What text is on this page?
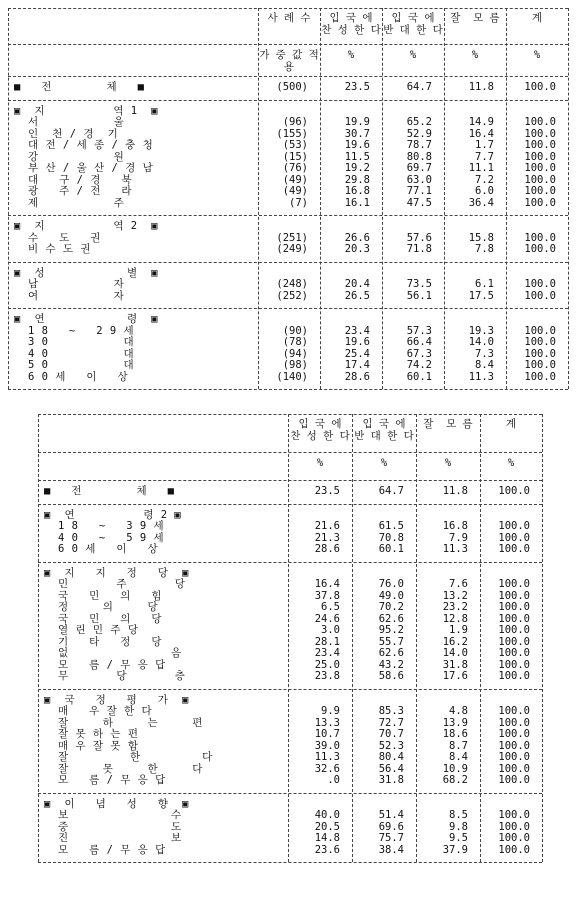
사 례 수	입 국 에
찬 성 한 다
입 국 에
반 대 한 다
잘  모 름	계
가 중 값 적
용
%	%	%	%
■   전        체   ■	(500)	23.5	64.7	11.8	100.0
▣  지          역 1  ▣
서           울	(96)	19.9	65.2	14.9	100.0
인  천 / 경  기	(155)	30.7	52.9	16.4	100.0
대 전 / 세 종 / 충 청	(53)	19.6	78.7	1.7	100.0
강           원	(15)	11.5	80.8	7.7	100.0
부 산 / 울 산 / 경 남	(76)	19.2	69.7	11.1	100.0
대   구 / 경   북	(49)	29.8	63.0	7.2	100.0
광   주 / 전   라	(49)	16.8	77.1	6.0	100.0
제           주	(7)	16.1	47.5	36.4	100.0
▣  지          역 2  ▣
수   도   권	(251)	26.6	57.6	15.8	100.0
비 수 도 권	(249)	20.3	71.8	7.8	100.0
▣  성            별  ▣
남           자	(248)	20.4	73.5	6.1	100.0
여           자	(252)	26.5	56.1	17.5	100.0
▣  연            령  ▣
1 8   ~   2 9 세	(90)	23.4	57.3	19.3	100.0
3 0           대	(78)	19.6	66.4	14.0	100.0
4 0           대	(94)	25.4	67.3	7.3	100.0
5 0           대	(98)	17.4	74.2	8.4	100.0
6 0 세   이   상	(140)	28.6	60.1	11.3	100.0
입 국 에
찬 성 한 다
입 국 에
반 대 한 다
잘  모 름	계
%	%	%	%
■   전        체   ■	23.5	64.7	11.8	100.0
▣  연          령 2 ▣
1 8   ~   3 9 세	21.6	61.5	16.8	100.0
4 0   ~   5 9 세	21.3	70.8	7.9	100.0
6 0 세   이   상	28.6	60.1	11.3	100.0
▣  지   지   정   당  ▣
민       주       당	16.4	76.0	7.6	100.0
국   민   의   힘	37.8	49.0	13.2	100.0
정     의     당	6.5	70.2	23.2	100.0
국   민   의   당	24.6	62.6	12.8	100.0
열 린 민 주 당	3.0	95.2	1.9	100.0
기   타   정   당	28.1	55.7	16.2	100.0
없               음	23.4	62.6	14.0	100.0
모   름 / 무 응 답	25.0	43.2	31.8	100.0
무       당       층	23.8	58.6	17.6	100.0
▣  국   정   평   가  ▣
매   우 잘 한 다	9.9	85.3	4.8	100.0
잘     하     는     편	13.3	72.7	13.9	100.0
잘 못 하 는 편	10.7	70.7	18.6	100.0
매 우 잘 못 함	39.0	52.3	8.7	100.0
잘         한         다	11.3	80.4	8.4	100.0
잘     못     한     다	32.6	56.4	10.9	100.0
모   름 / 무 응 답	.0	31.8	68.2	100.0
▣  이   념   성   향  ▣
보               수	40.0	51.4	8.5	100.0
중               도	20.5	69.6	9.8	100.0
진               보	14.8	75.7	9.5	100.0
모   름 / 무 응 답	23.6	38.4	37.9	100.0
